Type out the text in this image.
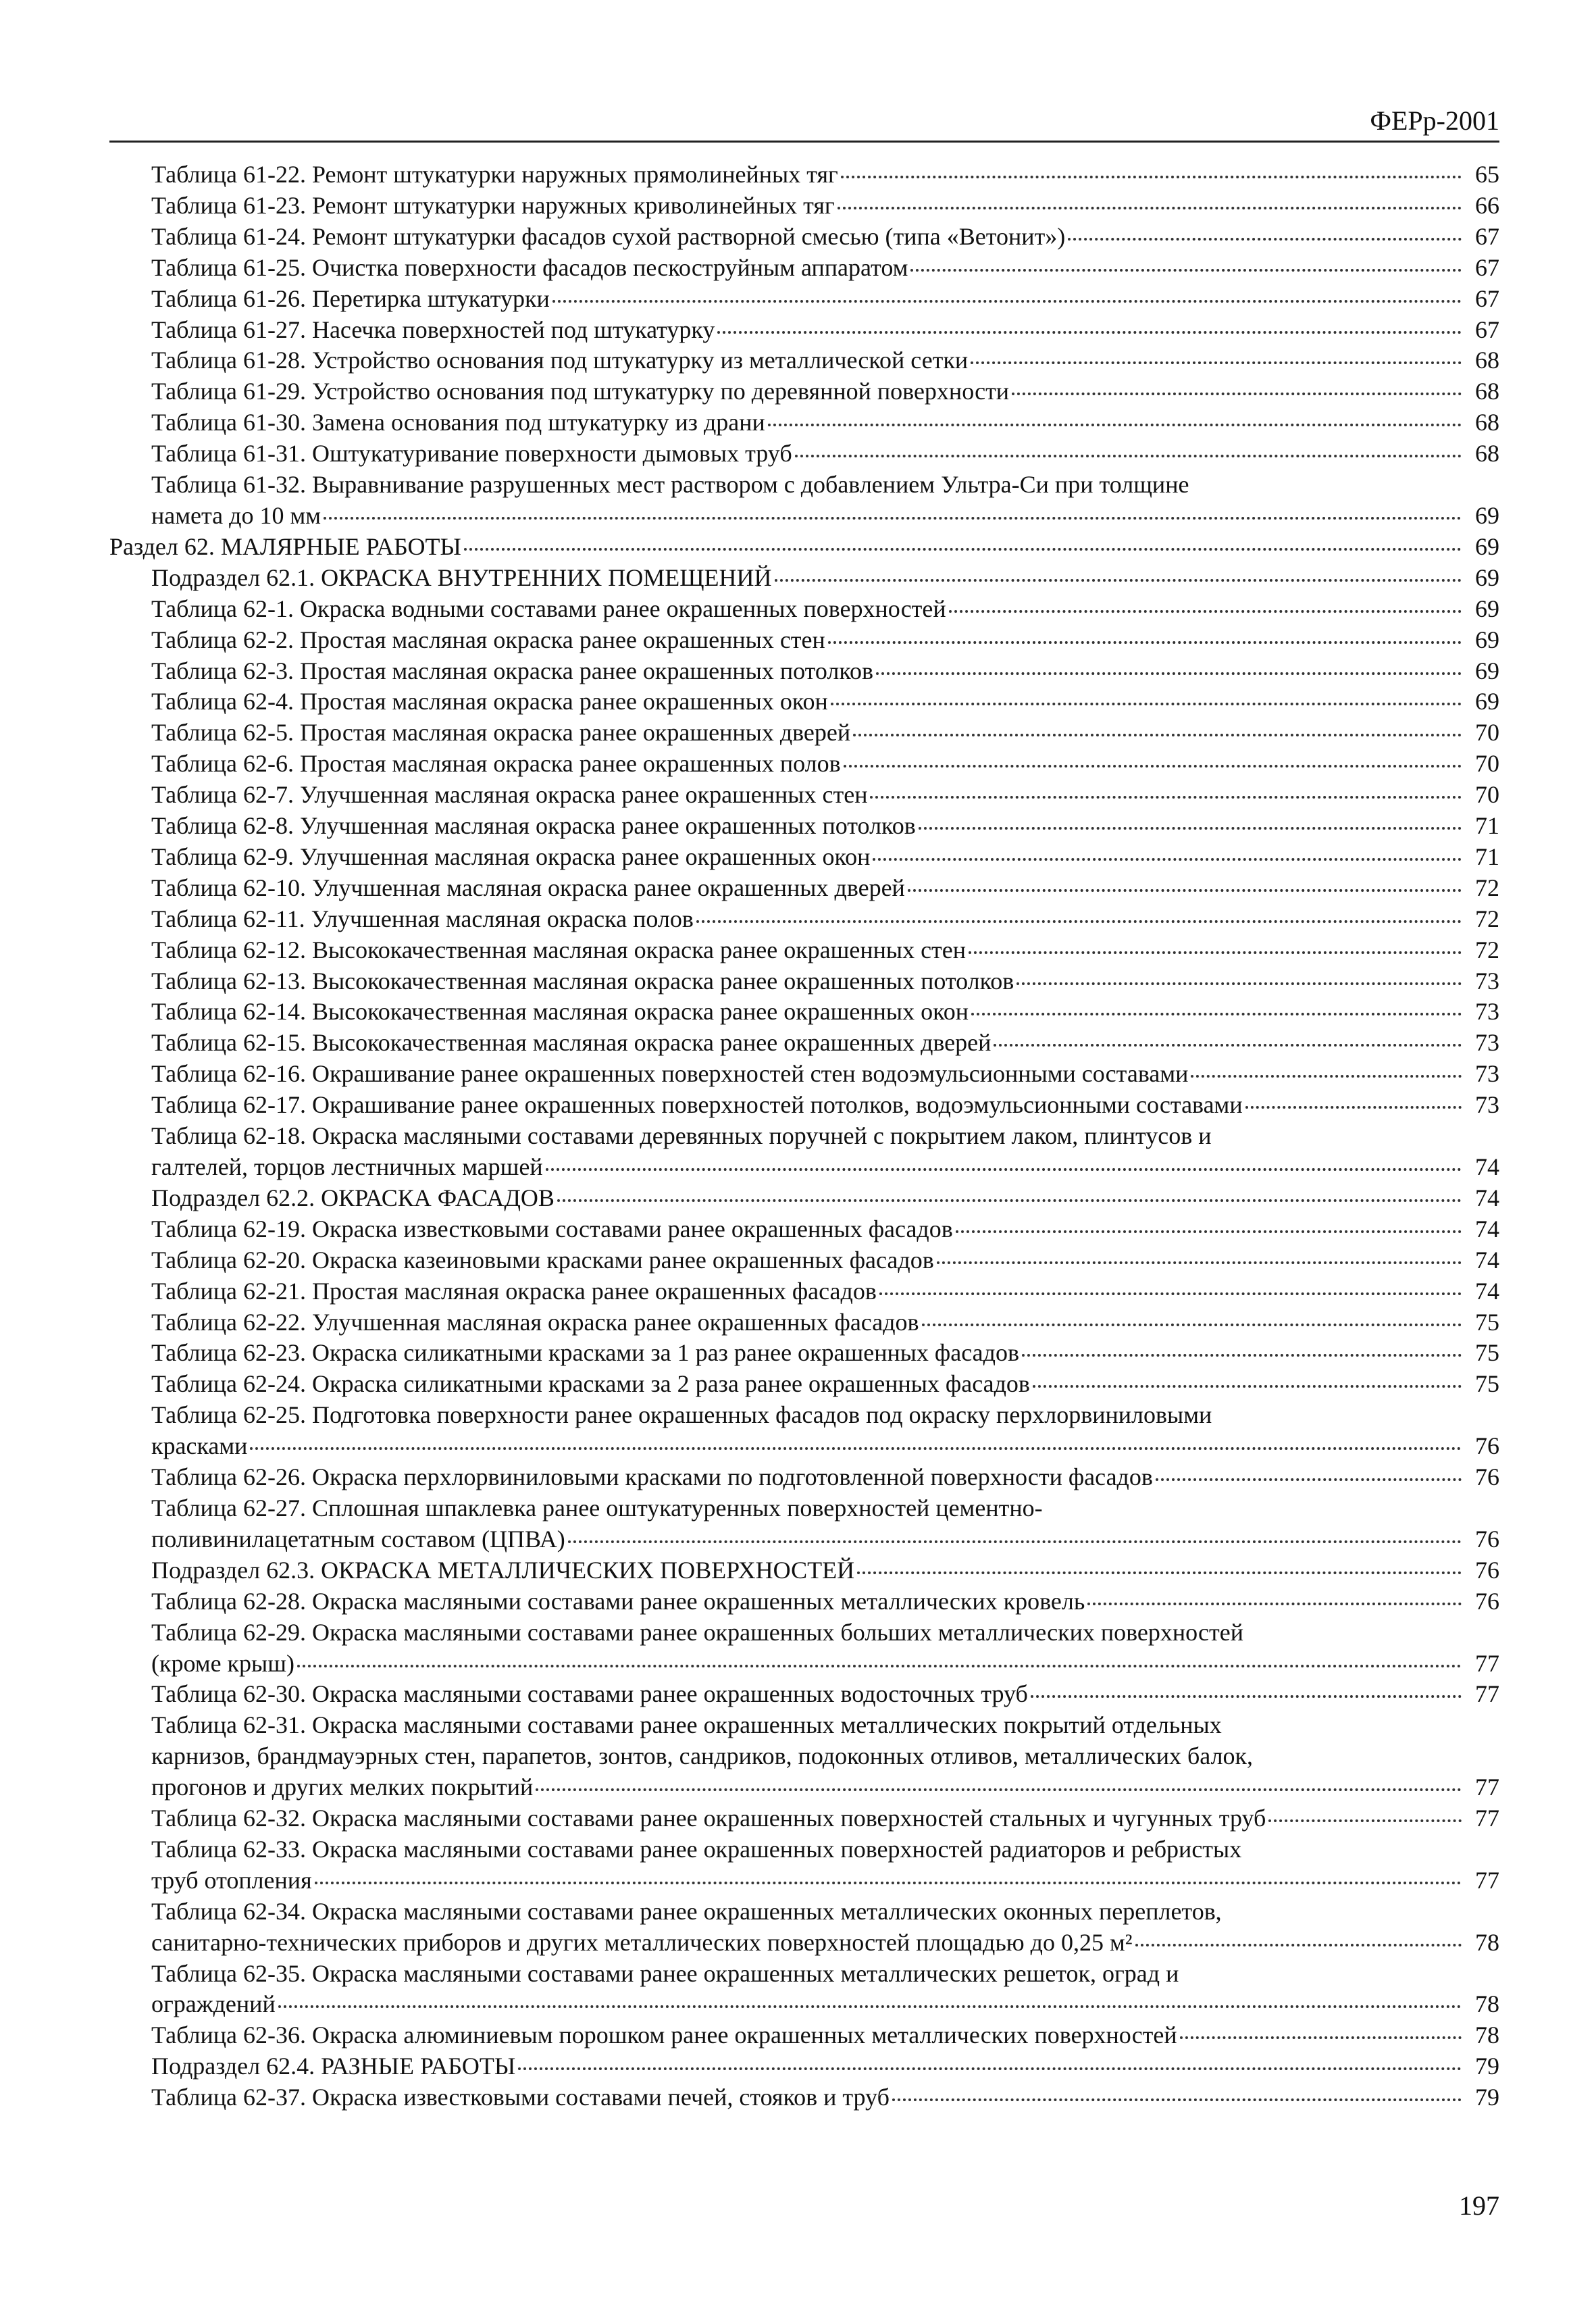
ФЕРр-2001
Таблица 61-22. Ремонт штукатурки наружных прямолинейных тяг	65
Таблица 61-23. Ремонт штукатурки наружных криволинейных тяг	66
Таблица 61-24. Ремонт штукатурки фасадов сухой растворной смесью (типа «Ветонит»)	67
Таблица 61-25. Очистка поверхности фасадов пескоструйным аппаратом	67
Таблица 61-26. Перетирка штукатурки	67
Таблица 61-27. Насечка поверхностей под штукатурку	67
Таблица 61-28. Устройство основания под штукатурку из металлической сетки	68
Таблица 61-29. Устройство основания под штукатурку по деревянной поверхности	68
Таблица 61-30. Замена основания под штукатурку из драни	68
Таблица 61-31. Оштукатуривание поверхности дымовых труб	68
Таблица 61-32. Выравнивание разрушенных мест раствором с добавлением Ультра-Си при толщине
намета до 10 мм	69
Раздел 62. МАЛЯРНЫЕ РАБОТЫ	69
Подраздел 62.1. ОКРАСКА ВНУТРЕННИХ ПОМЕЩЕНИЙ	69
Таблица 62-1. Окраска водными составами ранее окрашенных поверхностей	69
Таблица 62-2. Простая масляная окраска ранее окрашенных стен	69
Таблица 62-3. Простая масляная окраска ранее окрашенных потолков	69
Таблица 62-4. Простая масляная окраска ранее окрашенных окон	69
Таблица 62-5. Простая масляная окраска ранее окрашенных дверей	70
Таблица 62-6. Простая масляная окраска ранее окрашенных полов	70
Таблица 62-7. Улучшенная масляная окраска ранее окрашенных стен	70
Таблица 62-8. Улучшенная масляная окраска ранее окрашенных потолков	71
Таблица 62-9. Улучшенная масляная окраска ранее окрашенных окон	71
Таблица 62-10. Улучшенная масляная окраска ранее окрашенных дверей	72
Таблица 62-11. Улучшенная масляная окраска полов	72
Таблица 62-12. Высококачественная масляная окраска ранее окрашенных стен	72
Таблица 62-13. Высококачественная масляная окраска ранее окрашенных потолков	73
Таблица 62-14. Высококачественная масляная окраска ранее окрашенных окон	73
Таблица 62-15. Высококачественная масляная окраска ранее окрашенных дверей	73
Таблица 62-16. Окрашивание ранее окрашенных поверхностей стен водоэмульсионными составами	73
Таблица 62-17. Окрашивание ранее окрашенных поверхностей потолков, водоэмульсионными составами	73
Таблица 62-18. Окраска масляными составами деревянных поручней с покрытием лаком, плинтусов и
галтелей, торцов лестничных маршей	74
Подраздел 62.2. ОКРАСКА ФАСАДОВ	74
Таблица 62-19. Окраска известковыми составами ранее окрашенных фасадов	74
Таблица 62-20. Окраска казеиновыми красками ранее окрашенных фасадов	74
Таблица 62-21. Простая масляная окраска ранее окрашенных фасадов	74
Таблица 62-22. Улучшенная масляная окраска ранее окрашенных фасадов	75
Таблица 62-23. Окраска силикатными красками за 1 раз ранее окрашенных фасадов	75
Таблица 62-24. Окраска силикатными красками за 2 раза ранее окрашенных фасадов	75
Таблица 62-25. Подготовка поверхности ранее окрашенных фасадов под окраску перхлорвиниловыми
красками	76
Таблица 62-26. Окраска перхлорвиниловыми красками по подготовленной поверхности фасадов	76
Таблица 62-27. Сплошная шпаклевка ранее оштукатуренных поверхностей цементно-
поливинилацетатным составом (ЦПВА)	76
Подраздел 62.3. ОКРАСКА МЕТАЛЛИЧЕСКИХ ПОВЕРХНОСТЕЙ	76
Таблица 62-28. Окраска масляными составами ранее окрашенных металлических кровель	76
Таблица 62-29. Окраска масляными составами ранее окрашенных больших металлических поверхностей
(кроме крыш)	77
Таблица 62-30. Окраска масляными составами ранее окрашенных водосточных труб	77
Таблица 62-31. Окраска масляными составами ранее окрашенных металлических покрытий отдельных
карнизов, брандмауэрных стен, парапетов, зонтов, сандриков, подоконных отливов, металлических балок,
прогонов и других мелких покрытий	77
Таблица 62-32. Окраска масляными составами ранее окрашенных поверхностей стальных и чугунных труб	77
Таблица 62-33. Окраска масляными составами ранее окрашенных поверхностей радиаторов и ребристых
труб отопления	77
Таблица 62-34. Окраска масляными составами ранее окрашенных металлических оконных переплетов,
санитарно-технических приборов и других металлических поверхностей площадью до 0,25 м²	78
Таблица 62-35. Окраска масляными составами ранее окрашенных металлических решеток, оград и
ограждений	78
Таблица 62-36. Окраска алюминиевым порошком ранее окрашенных металлических поверхностей	78
Подраздел 62.4. РАЗНЫЕ РАБОТЫ	79
Таблица 62-37. Окраска известковыми составами печей, стояков и труб	79
197
